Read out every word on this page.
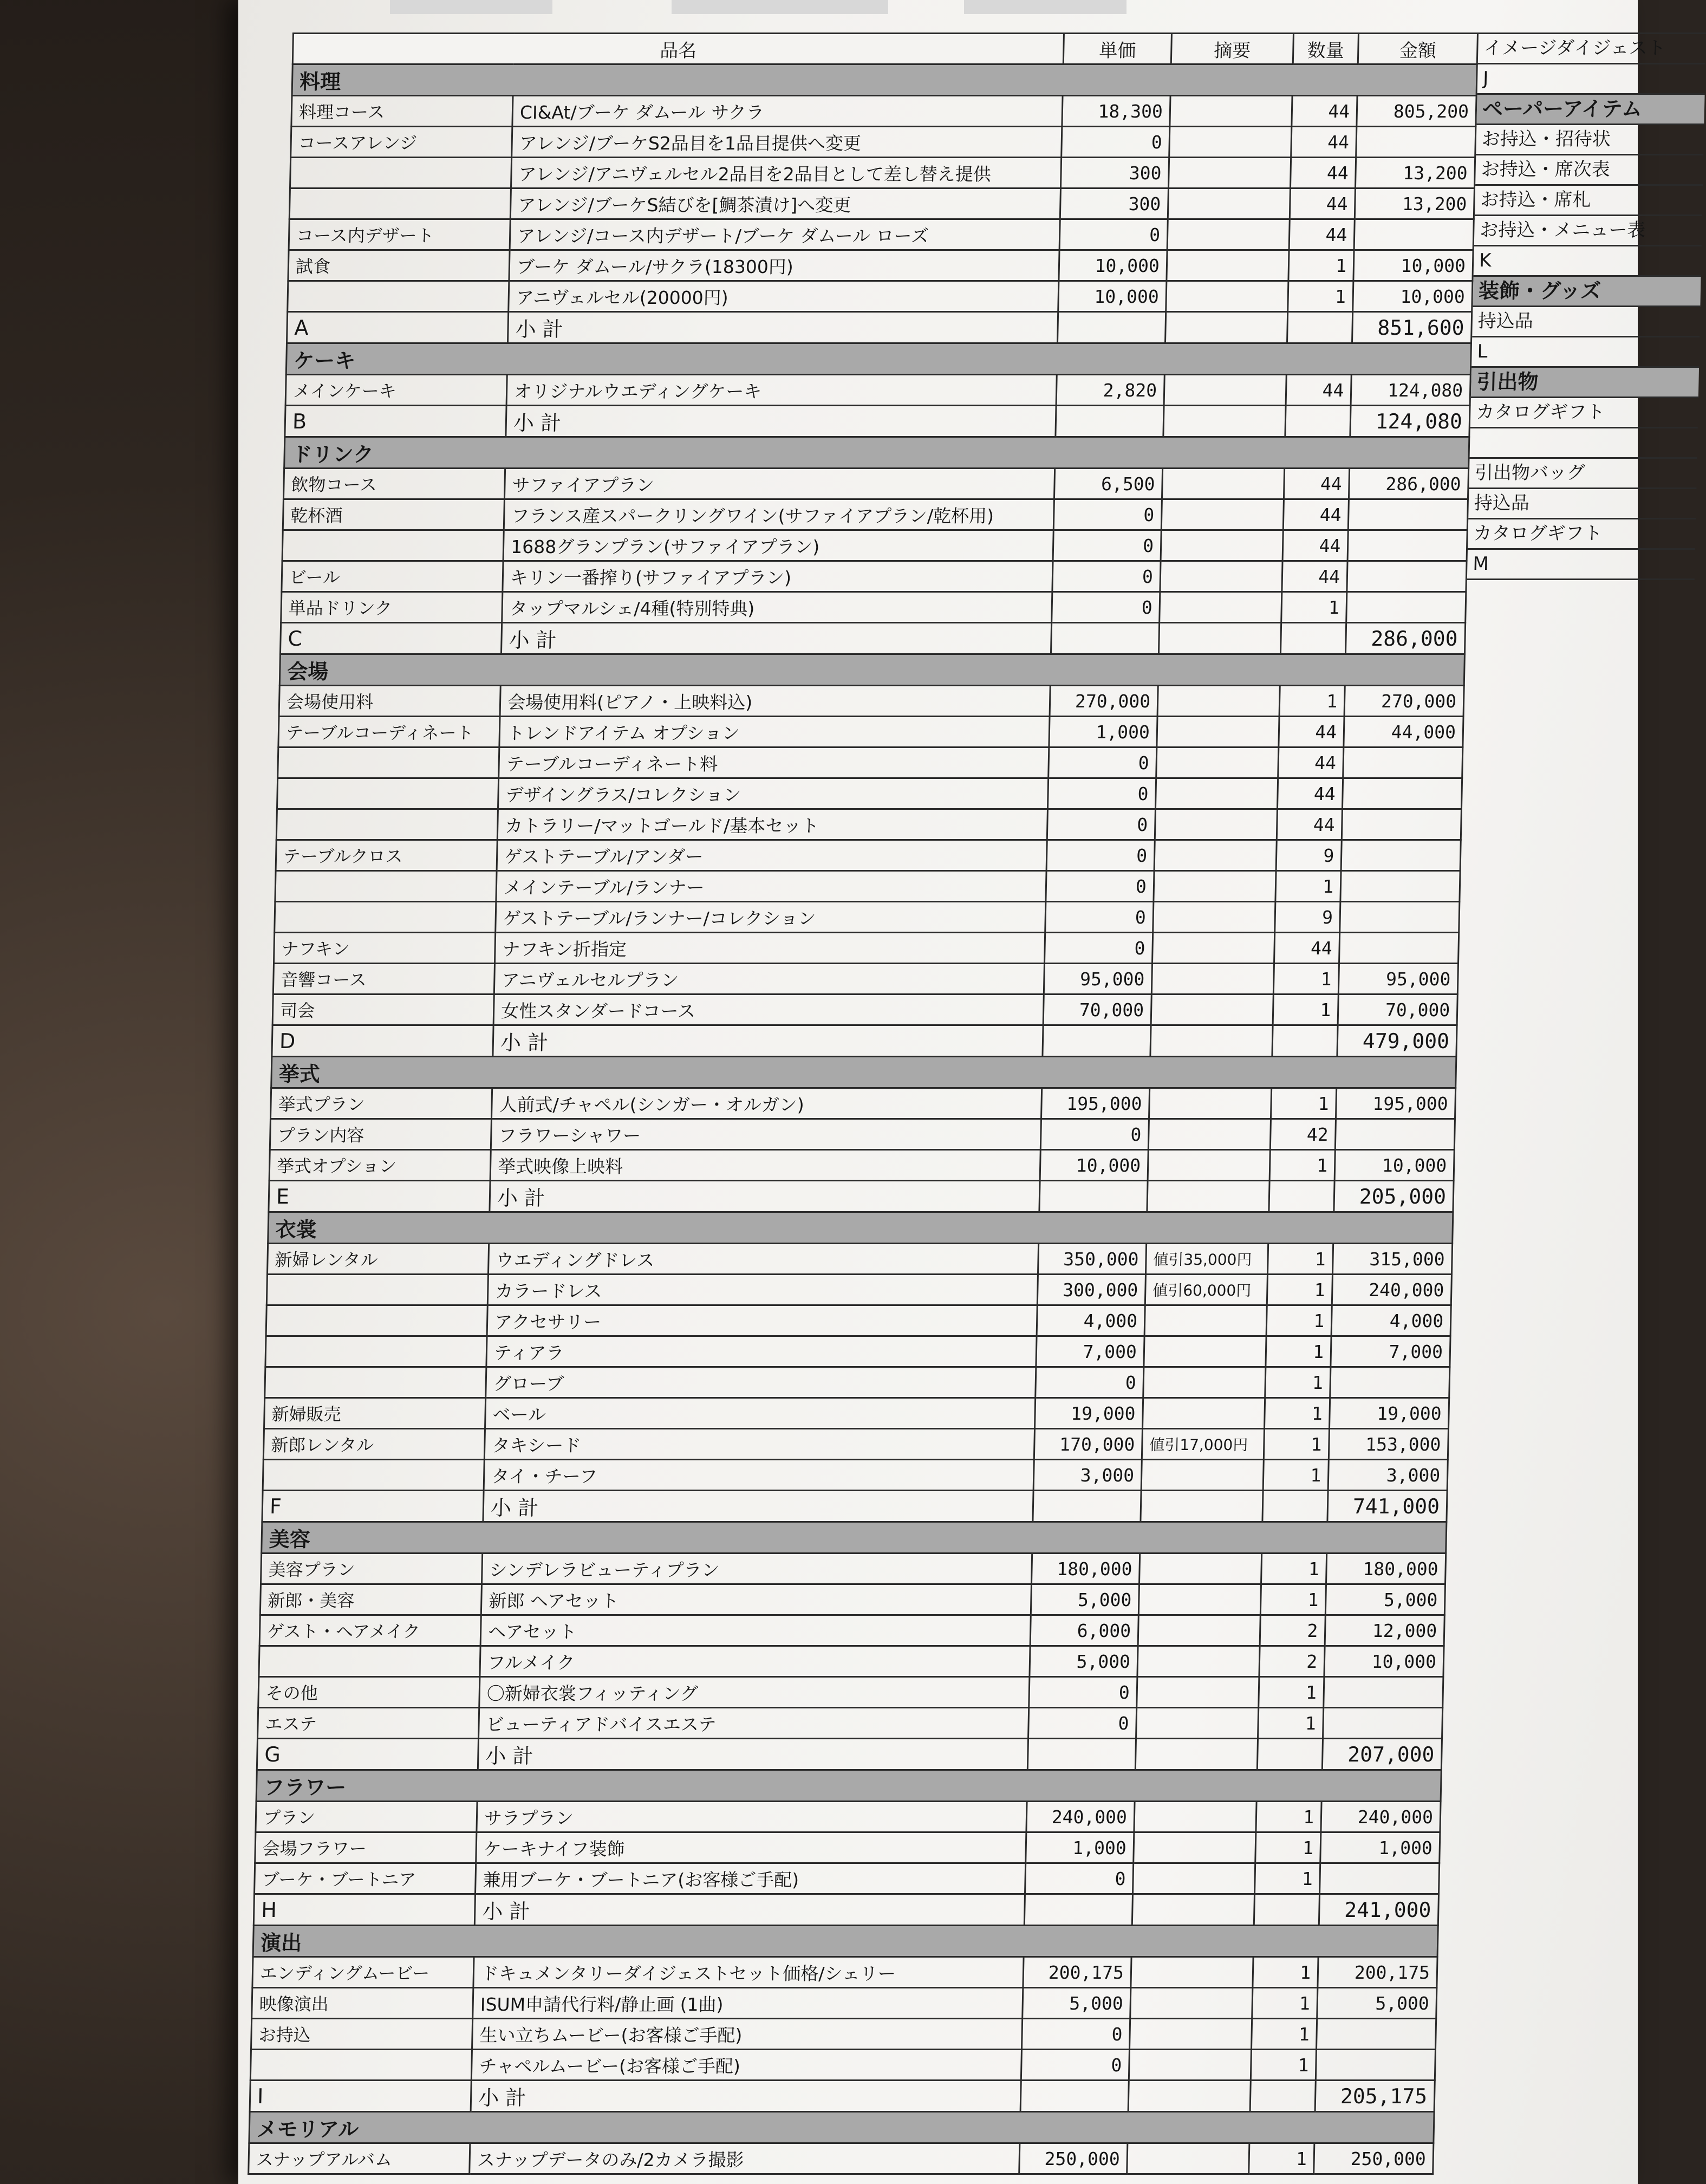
品名		単価	摘要	数量	金額
料理					
料理コース	CI&At/ブーケ ダムール サクラ	18,300		44	805,200
コースアレンジ	アレンジ/ブーケS2品目を1品目提供へ変更	0		44	
	アレンジ/アニヴェルセル2品目を2品目として差し替え提供	300		44	13,200
	アレンジ/ブーケS結びを[鯛茶漬け]へ変更	300		44	13,200
コース内デザート	アレンジ/コース内デザート/ブーケ ダムール ローズ	0		44	
試食	ブーケ ダムール/サクラ(18300円)	10,000		1	10,000
	アニヴェルセル(20000円)	10,000		1	10,000
A	小 計				851,600
ケーキ					
メインケーキ	オリジナルウエディングケーキ	2,820		44	124,080
B	小 計				124,080
ドリンク					
飲物コース	サファイアプラン	6,500		44	286,000
乾杯酒	フランス産スパークリングワイン(サファイアプラン/乾杯用)	0		44	
	1688グランプラン(サファイアプラン)	0		44	
ビール	キリン一番搾り(サファイアプラン)	0		44	
単品ドリンク	タップマルシェ/4種(特別特典)	0		1	
C	小 計				286,000
会場					
会場使用料	会場使用料(ピアノ・上映料込)	270,000		1	270,000
テーブルコーディネート	トレンドアイテム オプション	1,000		44	44,000
	テーブルコーディネート料	0		44	
	デザイングラス/コレクション	0		44	
	カトラリー/マットゴールド/基本セット	0		44	
テーブルクロス	ゲストテーブル/アンダー	0		9	
	メインテーブル/ランナー	0		1	
	ゲストテーブル/ランナー/コレクション	0		9	
ナフキン	ナフキン折指定	0		44	
音響コース	アニヴェルセルプラン	95,000		1	95,000
司会	女性スタンダードコース	70,000		1	70,000
D	小 計				479,000
挙式					
挙式プラン	人前式/チャペル(シンガー・オルガン)	195,000		1	195,000
プラン内容	フラワーシャワー	0		42	
挙式オプション	挙式映像上映料	10,000		1	10,000
E	小 計				205,000
衣裳					
新婦レンタル	ウエディングドレス	350,000	値引35,000円	1	315,000
	カラードレス	300,000	値引60,000円	1	240,000
	アクセサリー	4,000		1	4,000
	ティアラ	7,000		1	7,000
	グローブ	0		1	
新婦販売	ベール	19,000		1	19,000
新郎レンタル	タキシード	170,000	値引17,000円	1	153,000
	タイ・チーフ	3,000		1	3,000
F	小 計				741,000
美容					
美容プラン	シンデレラビューティプラン	180,000		1	180,000
新郎・美容	新郎 ヘアセット	5,000		1	5,000
ゲスト・ヘアメイク	ヘアセット	6,000		2	12,000
	フルメイク	5,000		2	10,000
その他	〇新婦衣裳フィッティング	0		1	
エステ	ビューティアドバイスエステ	0		1	
G	小 計				207,000
フラワー					
プラン	サラプラン	240,000		1	240,000
会場フラワー	ケーキナイフ装飾	1,000		1	1,000
ブーケ・ブートニア	兼用ブーケ・ブートニア(お客様ご手配)	0		1	
H	小 計				241,000
演出					
エンディングムービー	ドキュメンタリーダイジェストセット価格/シェリー	200,175		1	200,175
映像演出	ISUM申請代行料/静止画 (1曲)	5,000		1	5,000
お持込	生い立ちムービー(お客様ご手配)	0		1	
	チャペルムービー(お客様ご手配)	0		1	
I	小 計				205,175
メモリアル					
スナップアルバム	スナップデータのみ/2カメラ撮影	250,000		1	250,000
イメージダイジェスト
J
ペーパーアイテム
お持込・招待状
お持込・席次表
お持込・席札
お持込・メニュー表
K
装飾・グッズ
持込品
L
引出物
カタログギフト
引出物バッグ
持込品
カタログギフト
M
